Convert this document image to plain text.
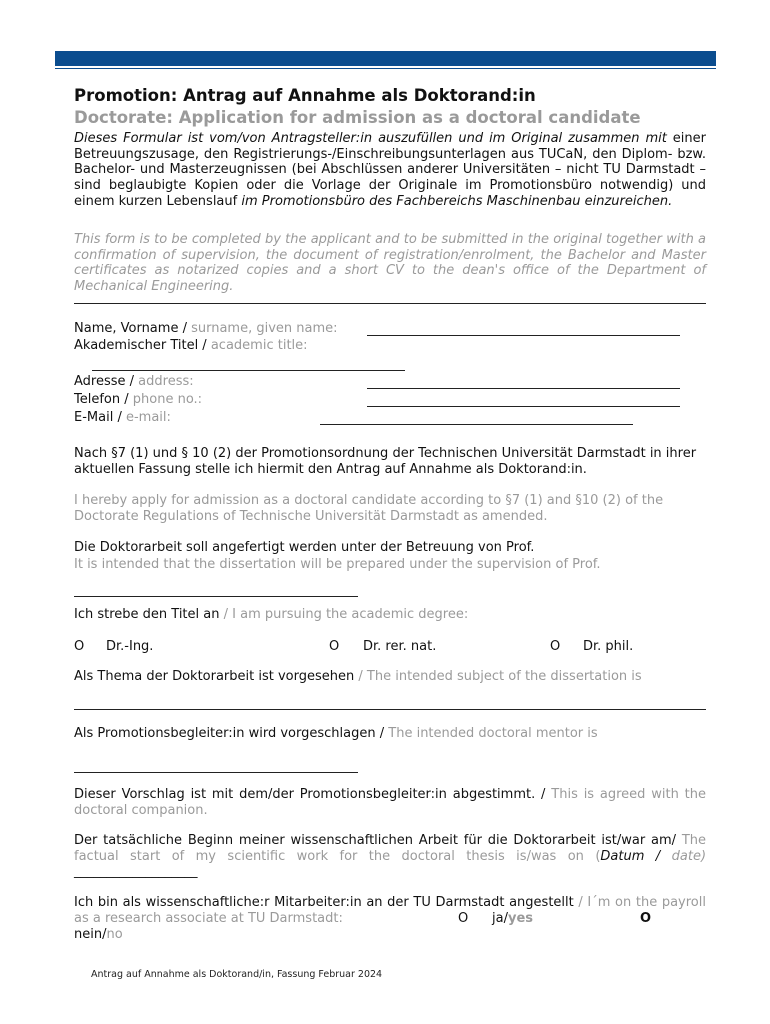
Promotion: Antrag auf Annahme als Doktorand:in
Doctorate: Application for admission as a doctoral candidate
Dieses Formular ist vom/von Antragsteller:in auszufüllen und im Original zusammen mit einer Betreuungszusage, den Registrierungs-/Einschreibungsunterlagen aus TUCaN, den Diplom- bzw. Bachelor- und Masterzeugnissen (bei Abschlüssen anderer Universitäten – nicht TU Darmstadt – sind beglaubigte Kopien oder die Vorlage der Originale im Promotionsbüro notwendig) und einem kurzen Lebenslauf im Promotionsbüro des Fachbereichs Maschinenbau einzureichen.
This form is to be completed by the applicant and to be submitted in the original together with a confirmation of supervision, the document of registration/enrolment, the Bachelor and Master certificates as notarized copies and a short CV to the dean's office of the Department of Mechanical Engineering.
Name, Vorname / surname, given name:
Akademischer Titel / academic title:
Adresse / address:
Telefon / phone no.:
E-Mail / e-mail:
Nach §7 (1) und § 10 (2) der Promotionsordnung der Technischen Universität Darmstadt in ihrer aktuellen Fassung stelle ich hiermit den Antrag auf Annahme als Doktorand:in.
I hereby apply for admission as a doctoral candidate according to §7 (1) and §10 (2) of the Doctorate Regulations of Technische Universität Darmstadt as amended.
Die Doktorarbeit soll angefertigt werden unter der Betreuung von Prof.
It is intended that the dissertation will be prepared under the supervision of Prof.
Ich strebe den Titel an / I am pursuing the academic degree:
O Dr.-Ing.	O Dr. rer. nat.	O Dr. phil.
Als Thema der Doktorarbeit ist vorgesehen / The intended subject of the dissertation is
Als Promotionsbegleiter:in wird vorgeschlagen / The intended doctoral mentor is
Dieser Vorschlag ist mit dem/der Promotionsbegleiter:in abgestimmt. / This is agreed with the doctoral companion.
Der tatsächliche Beginn meiner wissenschaftlichen Arbeit für die Doktorarbeit ist/war am/ The factual start of my scientific work for the doctoral thesis is/was on (Datum / date) ___________________
Ich bin als wissenschaftliche:r Mitarbeiter:in an der TU Darmstadt angestellt / I´m on the payroll as a research associate at TU Darmstadt:	O ja/yes	O
nein/no
Antrag auf Annahme als Doktorand/in, Fassung Februar 2024
